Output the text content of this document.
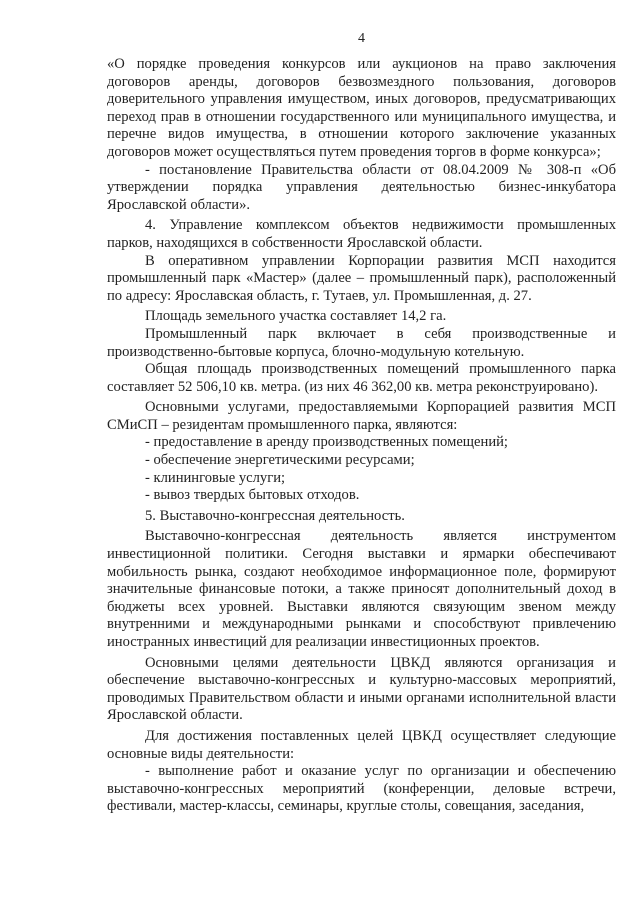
4

«О порядке проведения конкурсов или аукционов на право заключения договоров аренды, договоров безвозмездного пользования, договоров доверительного управления имуществом, иных договоров, предусматривающих переход прав в отношении государственного или муниципального имущества, и перечне видов имущества, в отношении которого заключение указанных договоров может осуществляться путем проведения торгов в форме конкурса»;

- постановление Правительства области от 08.04.2009 № 308-п «Об утверждении порядка управления деятельностью бизнес-инкубатора Ярославской области».

4. Управление комплексом объектов недвижимости промышленных парков, находящихся в собственности Ярославской области.

В оперативном управлении Корпорации развития МСП находится промышленный парк «Мастер» (далее – промышленный парк), расположенный по адресу: Ярославская область, г. Тутаев, ул. Промышленная, д. 27.

Площадь земельного участка составляет 14,2 га.

Промышленный парк включает в себя производственные и производственно-бытовые корпуса, блочно-модульную котельную.

Общая площадь производственных помещений промышленного парка составляет 52 506,10 кв. метра. (из них 46 362,00 кв. метра реконструировано).

Основными услугами, предоставляемыми Корпорацией развития МСП СМиСП – резидентам промышленного парка, являются:

- предоставление в аренду производственных помещений;

- обеспечение энергетическими ресурсами;

- клининговые услуги;

- вывоз твердых бытовых отходов.

5. Выставочно-конгрессная деятельность.

Выставочно-конгрессная деятельность является инструментом инвестиционной политики. Сегодня выставки и ярмарки обеспечивают мобильность рынка, создают необходимое информационное поле, формируют значительные финансовые потоки, а также приносят дополнительный доход в бюджеты всех уровней. Выставки являются связующим звеном между внутренними и международными рынками и способствуют привлечению иностранных инвестиций для реализации инвестиционных проектов.

Основными целями деятельности ЦВКД являются организация и обеспечение выставочно-конгрессных и культурно-массовых мероприятий, проводимых Правительством области и иными органами исполнительной власти Ярославской области.

Для достижения поставленных целей ЦВКД осуществляет следующие основные виды деятельности:

- выполнение работ и оказание услуг по организации и обеспечению выставочно-конгрессных мероприятий (конференции, деловые встречи, фестивали, мастер-классы, семинары, круглые столы, совещания, заседания,
